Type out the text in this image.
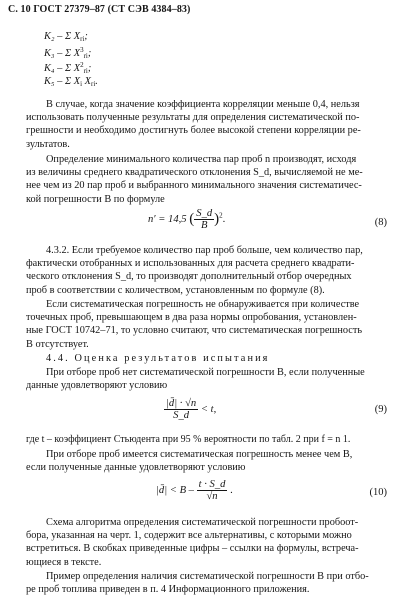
С. 10 ГОСТ 27379–87 (СТ СЭВ 4384–83)
K₂ – Σ $X_{ri}$;
K₃ – Σ $X^3_{ri}$;
K₄ – Σ $X^2_{ri}$;
K₅ – Σ $X_i$ $X_{ri}$.
В случае, когда значение коэффициента корреляции меньше 0,4, нельзя
использовать полученные результаты для определения систематической по-
грешности и необходимо достигнуть более высокой степени корреляции ре-
зультатов.
Определение минимального количества пар проб n производят, исходя
из величины среднего квадратического отклонения S_d, вычисляемой не ме-
нее чем из 20 пар проб и выбранного минимального значения систематичес-
кой погрешности B по формуле
n′ = 14,5 ( $\frac{S\_d}{B} )^2$.	(8)
4.3.2. Если требуемое количество пар проб больше, чем количество пар,
фактически отобранных и использованных для расчета среднего квадрати-
ческого отклонения S_d, то производят дополнительный отбор очередных
проб в соответствии с количеством, установленным по формуле (8).
Если систематическая погрешность не обнаруживается при количестве
точечных проб, превышающем в два раза нормы опробования, установлен-
ные ГОСТ 10742–71, то условно считают, что систематическая погрешность
B отсутствует.
4.4. Оценка результатов испытания
При отборе проб нет систематической погрешности B, если полученные
данные удовлетворяют условию
$\frac{|d̄| \cdot √n}{S\_d} < t$,	(9)
где t – коэффициент Стьюдента при 95 % вероятности по табл. 2 при f = n 1.
При отборе проб имеется систематическая погрешность менее чем B,
если полученные данные удовлетворяют условию
|d̄| < B – $\frac{t \cdot S\_d}{√n}$ .	(10)
Схема алгоритма определения систематической погрешности пробоот-
бора, указанная на черт. 1, содержит все альтернативы, с которыми можно
встретиться. В скобках приведенные цифры – ссылки на формулы, встреча-
ющиеся в тексте.
Пример определения наличия систематической погрешности B при отбо-
ре проб топлива приведен в п. 4 Информационного приложения.
